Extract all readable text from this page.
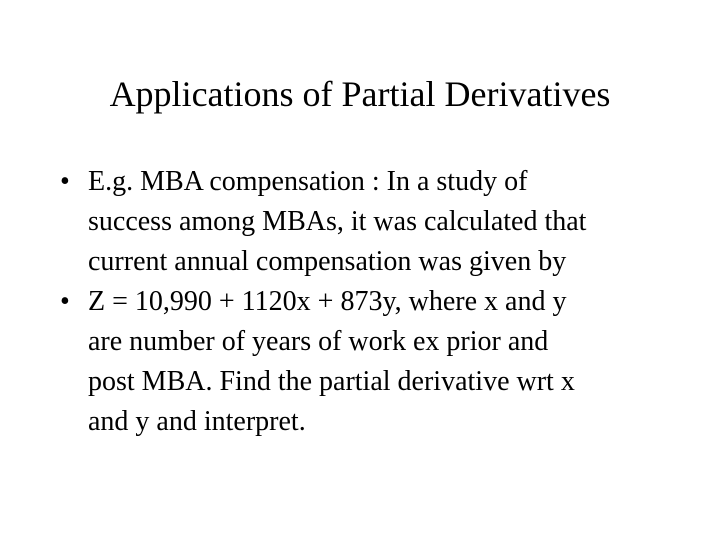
Applications of Partial Derivatives
• E.g. MBA compensation : In a study of
success among MBAs, it was calculated that
current annual compensation was given by
• Z = 10,990 + 1120x + 873y, where x and y
are number of years of work ex prior and
post MBA. Find the partial derivative wrt x
and y and interpret.
